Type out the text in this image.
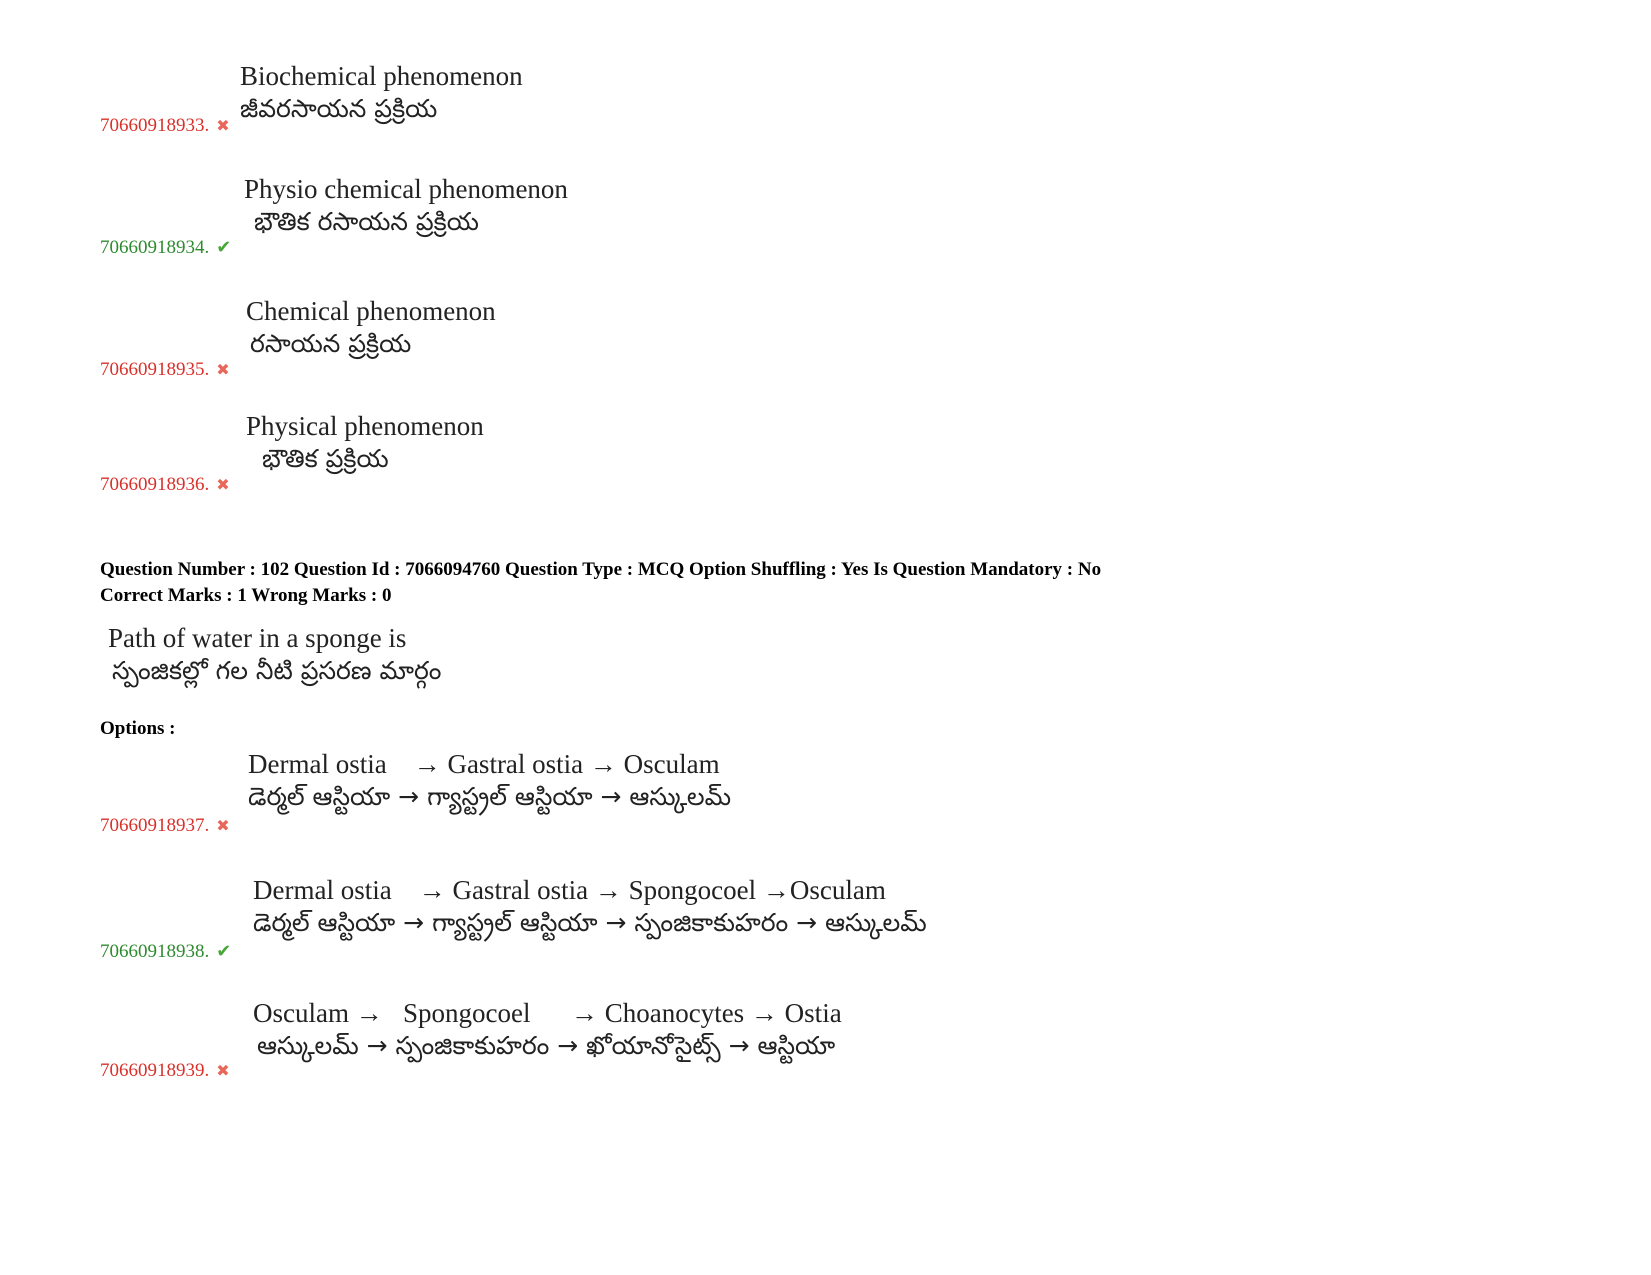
Biochemical phenomenon
జీవరసాయన ప్రక్రియ
70660918933. ✖
Physio chemical phenomenon
భౌతిక రసాయన ప్రక్రియ
70660918934. ✔
Chemical phenomenon
రసాయన ప్రక్రియ
70660918935. ✖
Physical phenomenon
భౌతిక ప్రక్రియ
70660918936. ✖
Question Number : 102 Question Id : 7066094760 Question Type : MCQ Option Shuffling : Yes Is Question Mandatory : No
Correct Marks : 1 Wrong Marks : 0
Path of water in a sponge is
స్పంజికల్లో గల నీటి ప్రసరణ మార్గం
Options :
Dermal ostia    → Gastral ostia → Osculam
డెర్మల్ ఆస్టియా → గ్యాస్ట్రల్ ఆస్టియా → ఆస్కులమ్
70660918937. ✖
Dermal ostia    → Gastral ostia → Spongocoel →Osculam
డెర్మల్ ఆస్టియా → గ్యాస్ట్రల్ ఆస్టియా → స్పంజికాకుహరం → ఆస్కులమ్
70660918938. ✔
Osculam →   Spongocoel      → Choanocytes → Ostia
ఆస్కులమ్ → స్పంజికాకుహరం → ఖోయానోసైట్స్ → ఆస్టియా
70660918939. ✖
